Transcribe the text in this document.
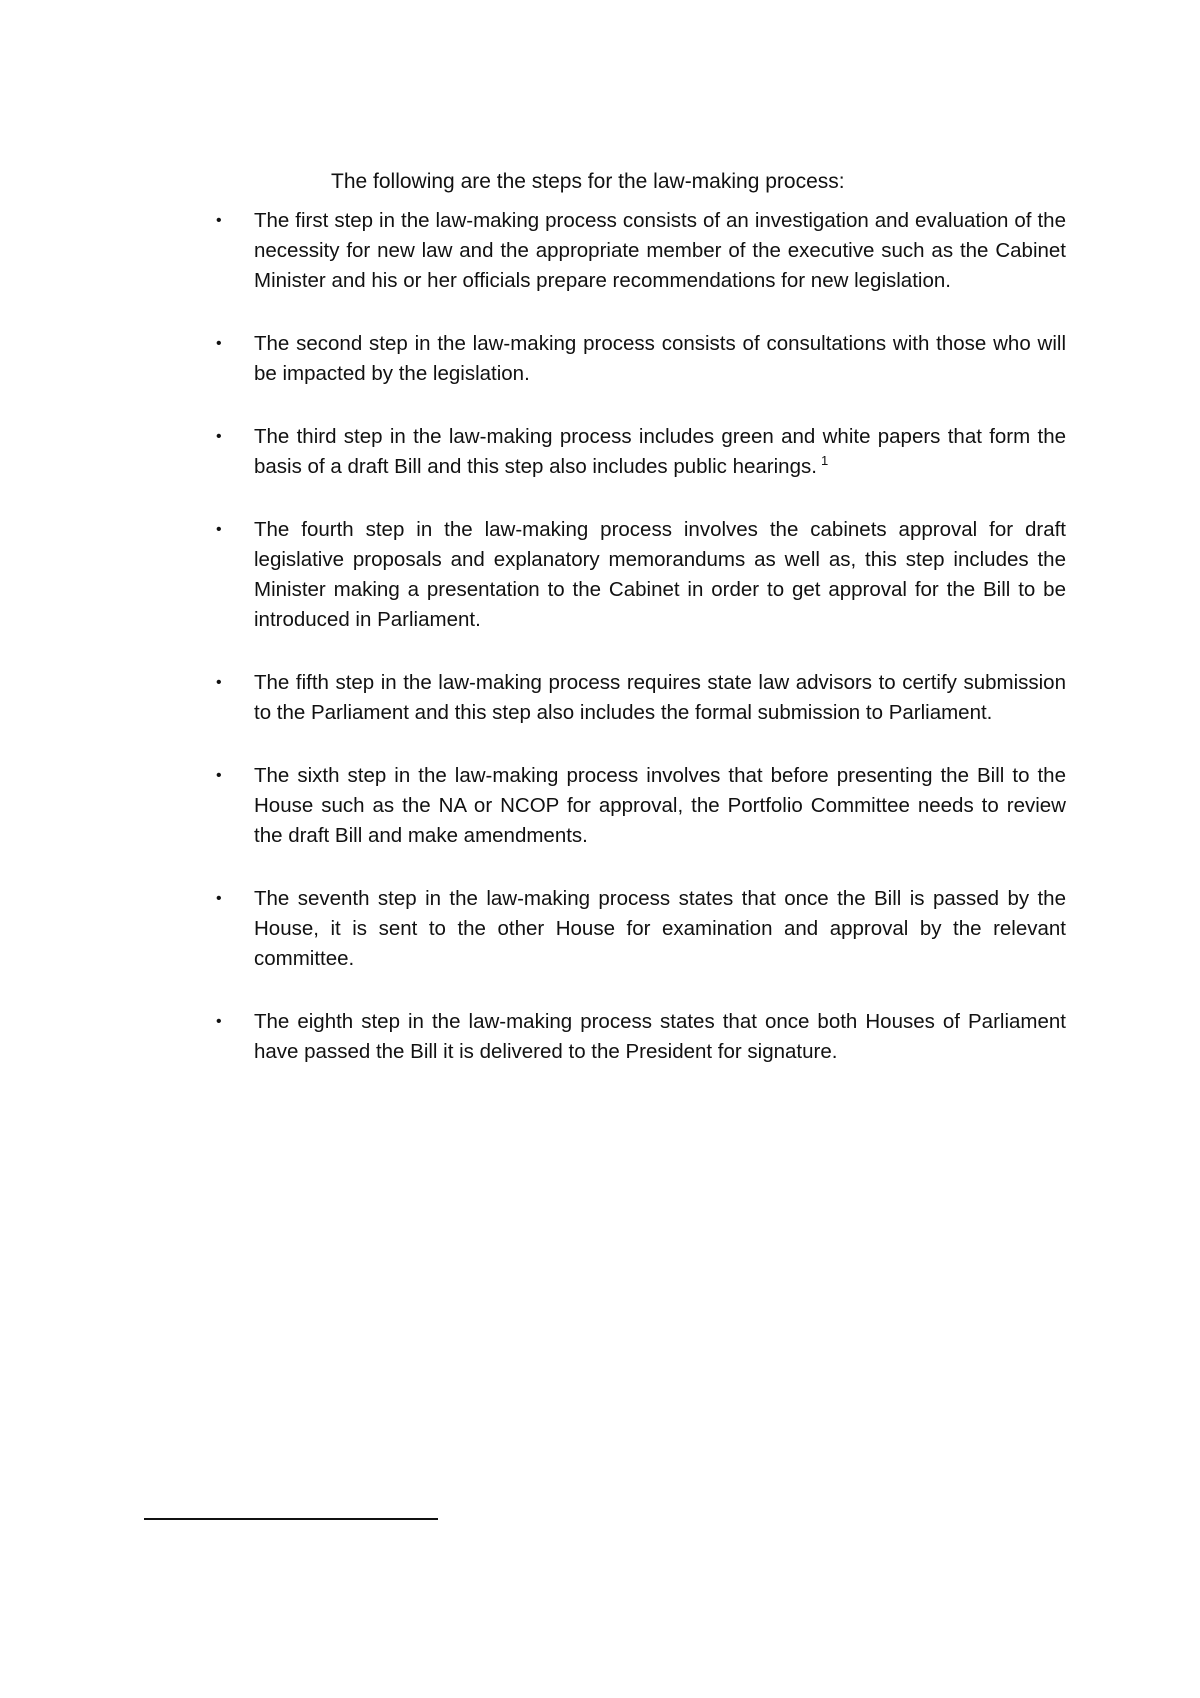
The following are the steps for the law-making process:

• The first step in the law-making process consists of an investigation and evaluation of the necessity for new law and the appropriate member of the executive such as the Cabinet Minister and his or her officials prepare recommendations for new legislation.
• The second step in the law-making process consists of consultations with those who will be impacted by the legislation.
• The third step in the law-making process includes green and white papers that form the basis of a draft Bill and this step also includes public hearings. $^1$
• The fourth step in the law-making process involves the cabinets approval for draft legislative proposals and explanatory memorandums as well as, this step includes the Minister making a presentation to the Cabinet in order to get approval for the Bill to be introduced in Parliament.
• The fifth step in the law-making process requires state law advisors to certify submission to the Parliament and this step also includes the formal submission to Parliament.
• The sixth step in the law-making process involves that before presenting the Bill to the House such as the NA or NCOP for approval, the Portfolio Committee needs to review the draft Bill and make amendments.
• The seventh step in the law-making process states that once the Bill is passed by the House, it is sent to the other House for examination and approval by the relevant committee.
• The eighth step in the law-making process states that once both Houses of Parliament have passed the Bill it is delivered to the President for signature.
